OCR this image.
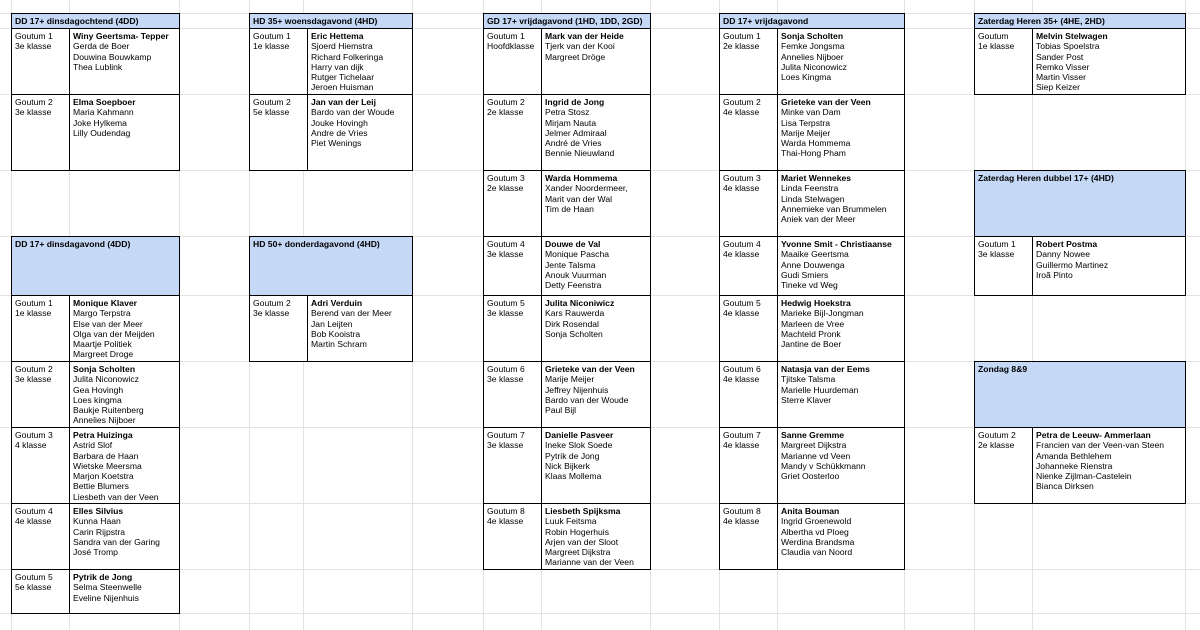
DD 17+ dinsdagochtend (4DD)
Goutum 1
3e klasse
Winy Geertsma- Tepper
Gerda de Boer
Douwina Bouwkamp
Thea Lublink
Goutum 2
3e klasse
Elma Soepboer
Maria Kahmann
Joke Hylkema
Lilly Oudendag
DD 17+ dinsdagavond (4DD)
Goutum 1
1e klasse
Monique Klaver
Margo Terpstra
Else van der Meer
Olga van der Meijden
Maartje Politiek
Margreet Droge
Goutum 2
3e klasse
Sonja Scholten
Julita Niconowicz
Gea Hovingh
Loes kingma
Baukje Ruitenberg
Annelies Nijboer
Goutum 3
4 klasse
Petra Huizinga
Astrid Slof
Barbara de Haan
Wietske Meersma
Marjon Koetstra
Bettie Blumers
Liesbeth van der Veen
Goutum 4
4e klasse
Elles Silvius
Kunna Haan
Carin Rijpstra
Sandra van der Garing
José Tromp
Goutum 5
5e klasse
Pytrik de Jong
Selma Steenwelle
Eveline Nijenhuis
HD 35+ woensdagavond (4HD)
Goutum 1
1e klasse
Eric Hettema
Sjoerd Hiemstra
Richard Folkeringa
Harry van dijk
Rutger Tichelaar
Jeroen Huisman
Goutum 2
5e klasse
Jan van der Leij
Bardo van der Woude
Jouke Hovingh
Andre de Vries
Piet Wenings
HD 50+ donderdagavond (4HD)
Goutum 2
3e klasse
Adri Verduin
Berend van der Meer
Jan Leijten
Bob Kooistra
Martin Schram
GD 17+ vrijdagavond (1HD, 1DD, 2GD)
Goutum 1
Hoofdklasse
Mark van der Heide
Tjerk van der Kooi
Margreet Dröge
Goutum 2
2e klasse
Ingrid de Jong
Petra Stosz
Mirjam Nauta
Jelmer Admiraal
André de Vries
Bennie Nieuwland
Goutum 3
2e klasse
Warda Hommema
Xander Noordermeer,
Marit van der Wal
Tim de Haan
Goutum 4
3e klasse
Douwe de Val
Monique Pascha
Jente Talsma
Anouk Vuurman
Detty Feenstra
Goutum 5
3e klasse
Julita Niconiwicz
Kars Rauwerda
Dirk Rosendal
Sonja Scholten
Goutum 6
3e klasse
Grieteke van der Veen
Marije Meijer
Jeffrey Nijenhuis
Bardo van der Woude
Paul Bijl
Goutum 7
3e klasse
Danielle Pasveer
Ineke Slok Soede
Pytrik de Jong
Nick Bijkerk
Klaas Mollema
Goutum 8
4e klasse
Liesbeth Spijksma
Luuk Feitsma
Robin Hogerhuis
Arjen van der Sloot
Margreet Dijkstra
Marianne van der Veen
DD 17+ vrijdagavond
Goutum 1
2e klasse
Sonja Scholten
Femke Jongsma
Annelies Nijboer
Julita Niconowicz
Loes Kingma
Goutum 2
4e klasse
Grieteke van der Veen
Minke van Dam
Lisa Terpstra
Marije Meijer
Warda Hommema
Thai-Hong Pham
Goutum 3
4e klasse
Mariet Wennekes
Linda Feenstra
Linda Stelwagen
Annemieke van Brummelen
Aniek van der Meer
Goutum 4
4e klasse
Yvonne Smit - Christiaansе
Maaike Geertsma
Anne Douwenga
Gudi Smiers
Tineke vd Weg
Goutum 5
4e klasse
Hedwig Hoekstra
Marieke Bijl-Jongman
Marleen de Vree
Machteld Pronk
Jantine de Boer
Goutum 6
4e klasse
Natasja van der Eems
Tjitske Talsma
Marielle Huurdeman
Sterre Klaver
Goutum 7
4e klasse
Sanne Gremme
Margreet Dijkstra
Marianne vd Veen
Mandy v Schükkmann
Griet Oosterloo
Goutum 8
4e klasse
Anita Bouman
Ingrid Groenewold
Albertha vd Ploeg
Werdina Brandsma
Claudia van Noord
Zaterdag Heren 35+ (4HE, 2HD)
Goutum
1e klasse
Melvin Stelwagen
Tobias Spoelstra
Sander Post
Remko Visser
Martin Visser
Siep Keizer
Zaterdag Heren dubbel 17+ (4HD)
Goutum 1
3e klasse
Robert Postma
Danny Nowee
Guillermo Martinez
Iroã Pinto
Zondag 8&9
Goutum 2
2e klasse
Petra de Leeuw- Ammerlaan
Francien van der Veen-van Steen
Amanda Bethlehem
Johanneke Rienstra
Nienke Zijlman-Castelein
Bianca Dirksen
